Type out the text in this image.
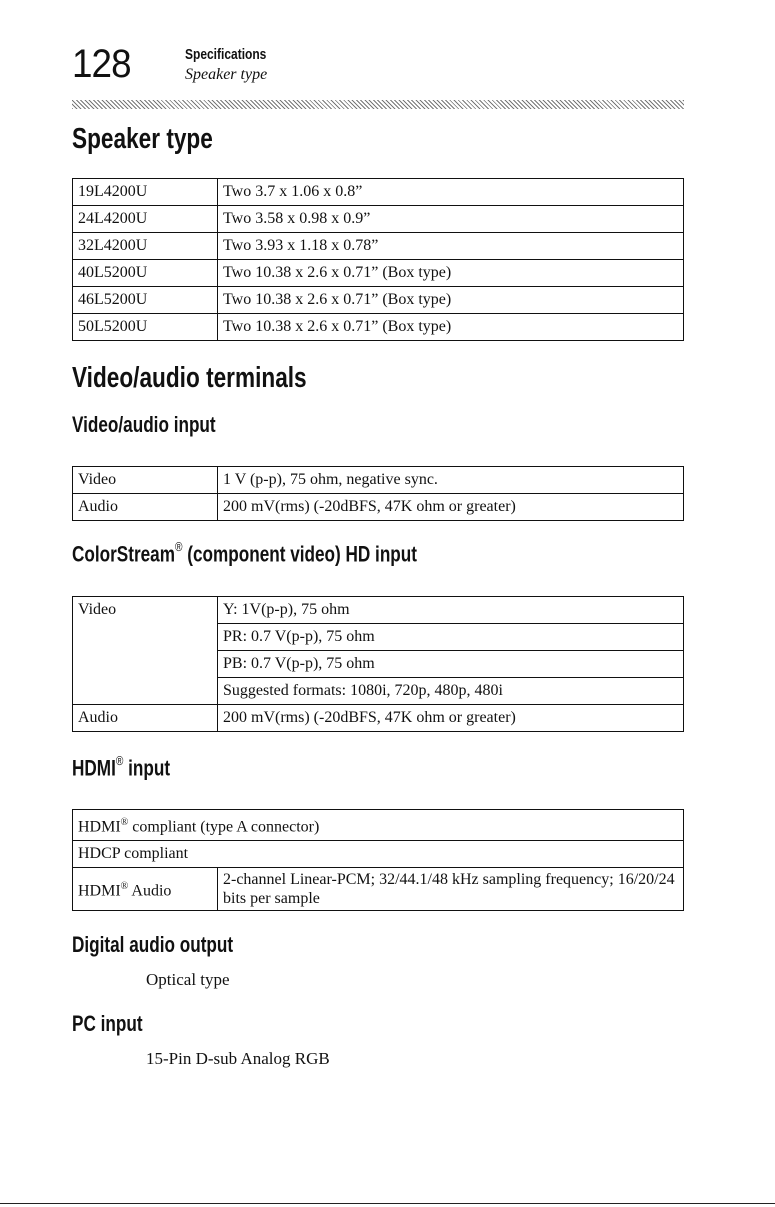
128	Specifications
Speaker type
Speaker type
19L4200U	Two 3.7 x 1.06 x 0.8”
24L4200U	Two 3.58 x 0.98 x 0.9”
32L4200U	Two 3.93 x 1.18 x 0.78”
40L5200U	Two 10.38 x 2.6 x 0.71” (Box type)
46L5200U	Two 10.38 x 2.6 x 0.71” (Box type)
50L5200U	Two 10.38 x 2.6 x 0.71” (Box type)
Video/audio terminals
Video/audio input
Video	1 V (p-p), 75 ohm, negative sync.
Audio	200 mV(rms) (-20dBFS, 47K ohm or greater)
ColorStream® (component video) HD input
Video	Y: 1V(p-p), 75 ohm
	PR: 0.7 V(p-p), 75 ohm
	PB: 0.7 V(p-p), 75 ohm
	Suggested formats: 1080i, 720p, 480p, 480i
Audio	200 mV(rms) (-20dBFS, 47K ohm or greater)
HDMI® input
HDMI® compliant (type A connector)
HDCP compliant
HDMI® Audio	2-channel Linear-PCM; 32/44.1/48 kHz sampling frequency; 16/20/24 bits per sample
Digital audio output
Optical type
PC input
15-Pin D-sub Analog RGB
